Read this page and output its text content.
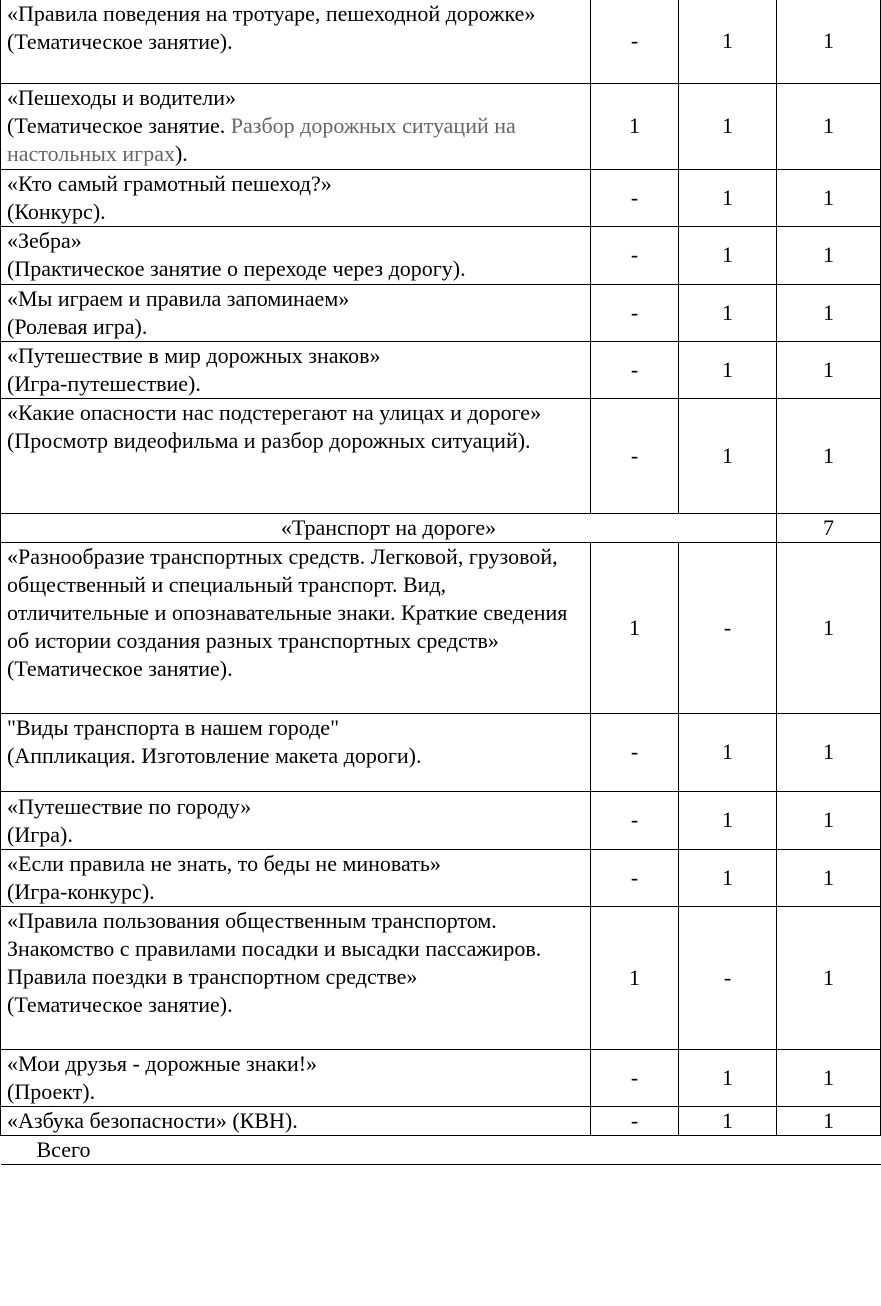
«Правила поведения на тротуаре, пешеходной дорожке»
(Тематическое занятие).	-	1	1

«Пешеходы и водители»
(Тематическое занятие. Разбор дорожных ситуаций на настольных играх).	1	1	1

«Кто самый грамотный пешеход?»
(Конкурс).	-	1	1

«Зебра»
(Практическое занятие о переходе через дорогу).	-	1	1

«Мы играем и правила запоминаем»
(Ролевая игра).	-	1	1

«Путешествие в мир дорожных знаков»
(Игра-путешествие).	-	1	1

«Какие опасности нас подстерегают на улицах и дороге»
(Просмотр видеофильма и разбор дорожных ситуаций).	-	1	1
«Транспорт на дороге»			7

«Разнообразие транспортных средств. Легковой, грузовой, общественный и специальный транспорт. Вид, отличительные и опознавательные знаки. Краткие сведения об истории создания разных транспортных средств»
(Тематическое занятие).	1	-	1

"Виды транспорта в нашем городе"
(Аппликация. Изготовление макета дороги).	-	1	1

«Путешествие по городу»
(Игра).	-	1	1

«Если правила не знать, то беды не миновать»
(Игра-конкурс).	-	1	1

«Правила пользования общественным транспортом. Знакомство с правилами посадки и высадки пассажиров. Правила поездки в транспортном средстве»
(Тематическое занятие).	1	-	1

«Мои друзья - дорожные знаки!»
(Проект).	-	1	1

«Азбука безопасности» (КВН).	-	1	1
Всего			
